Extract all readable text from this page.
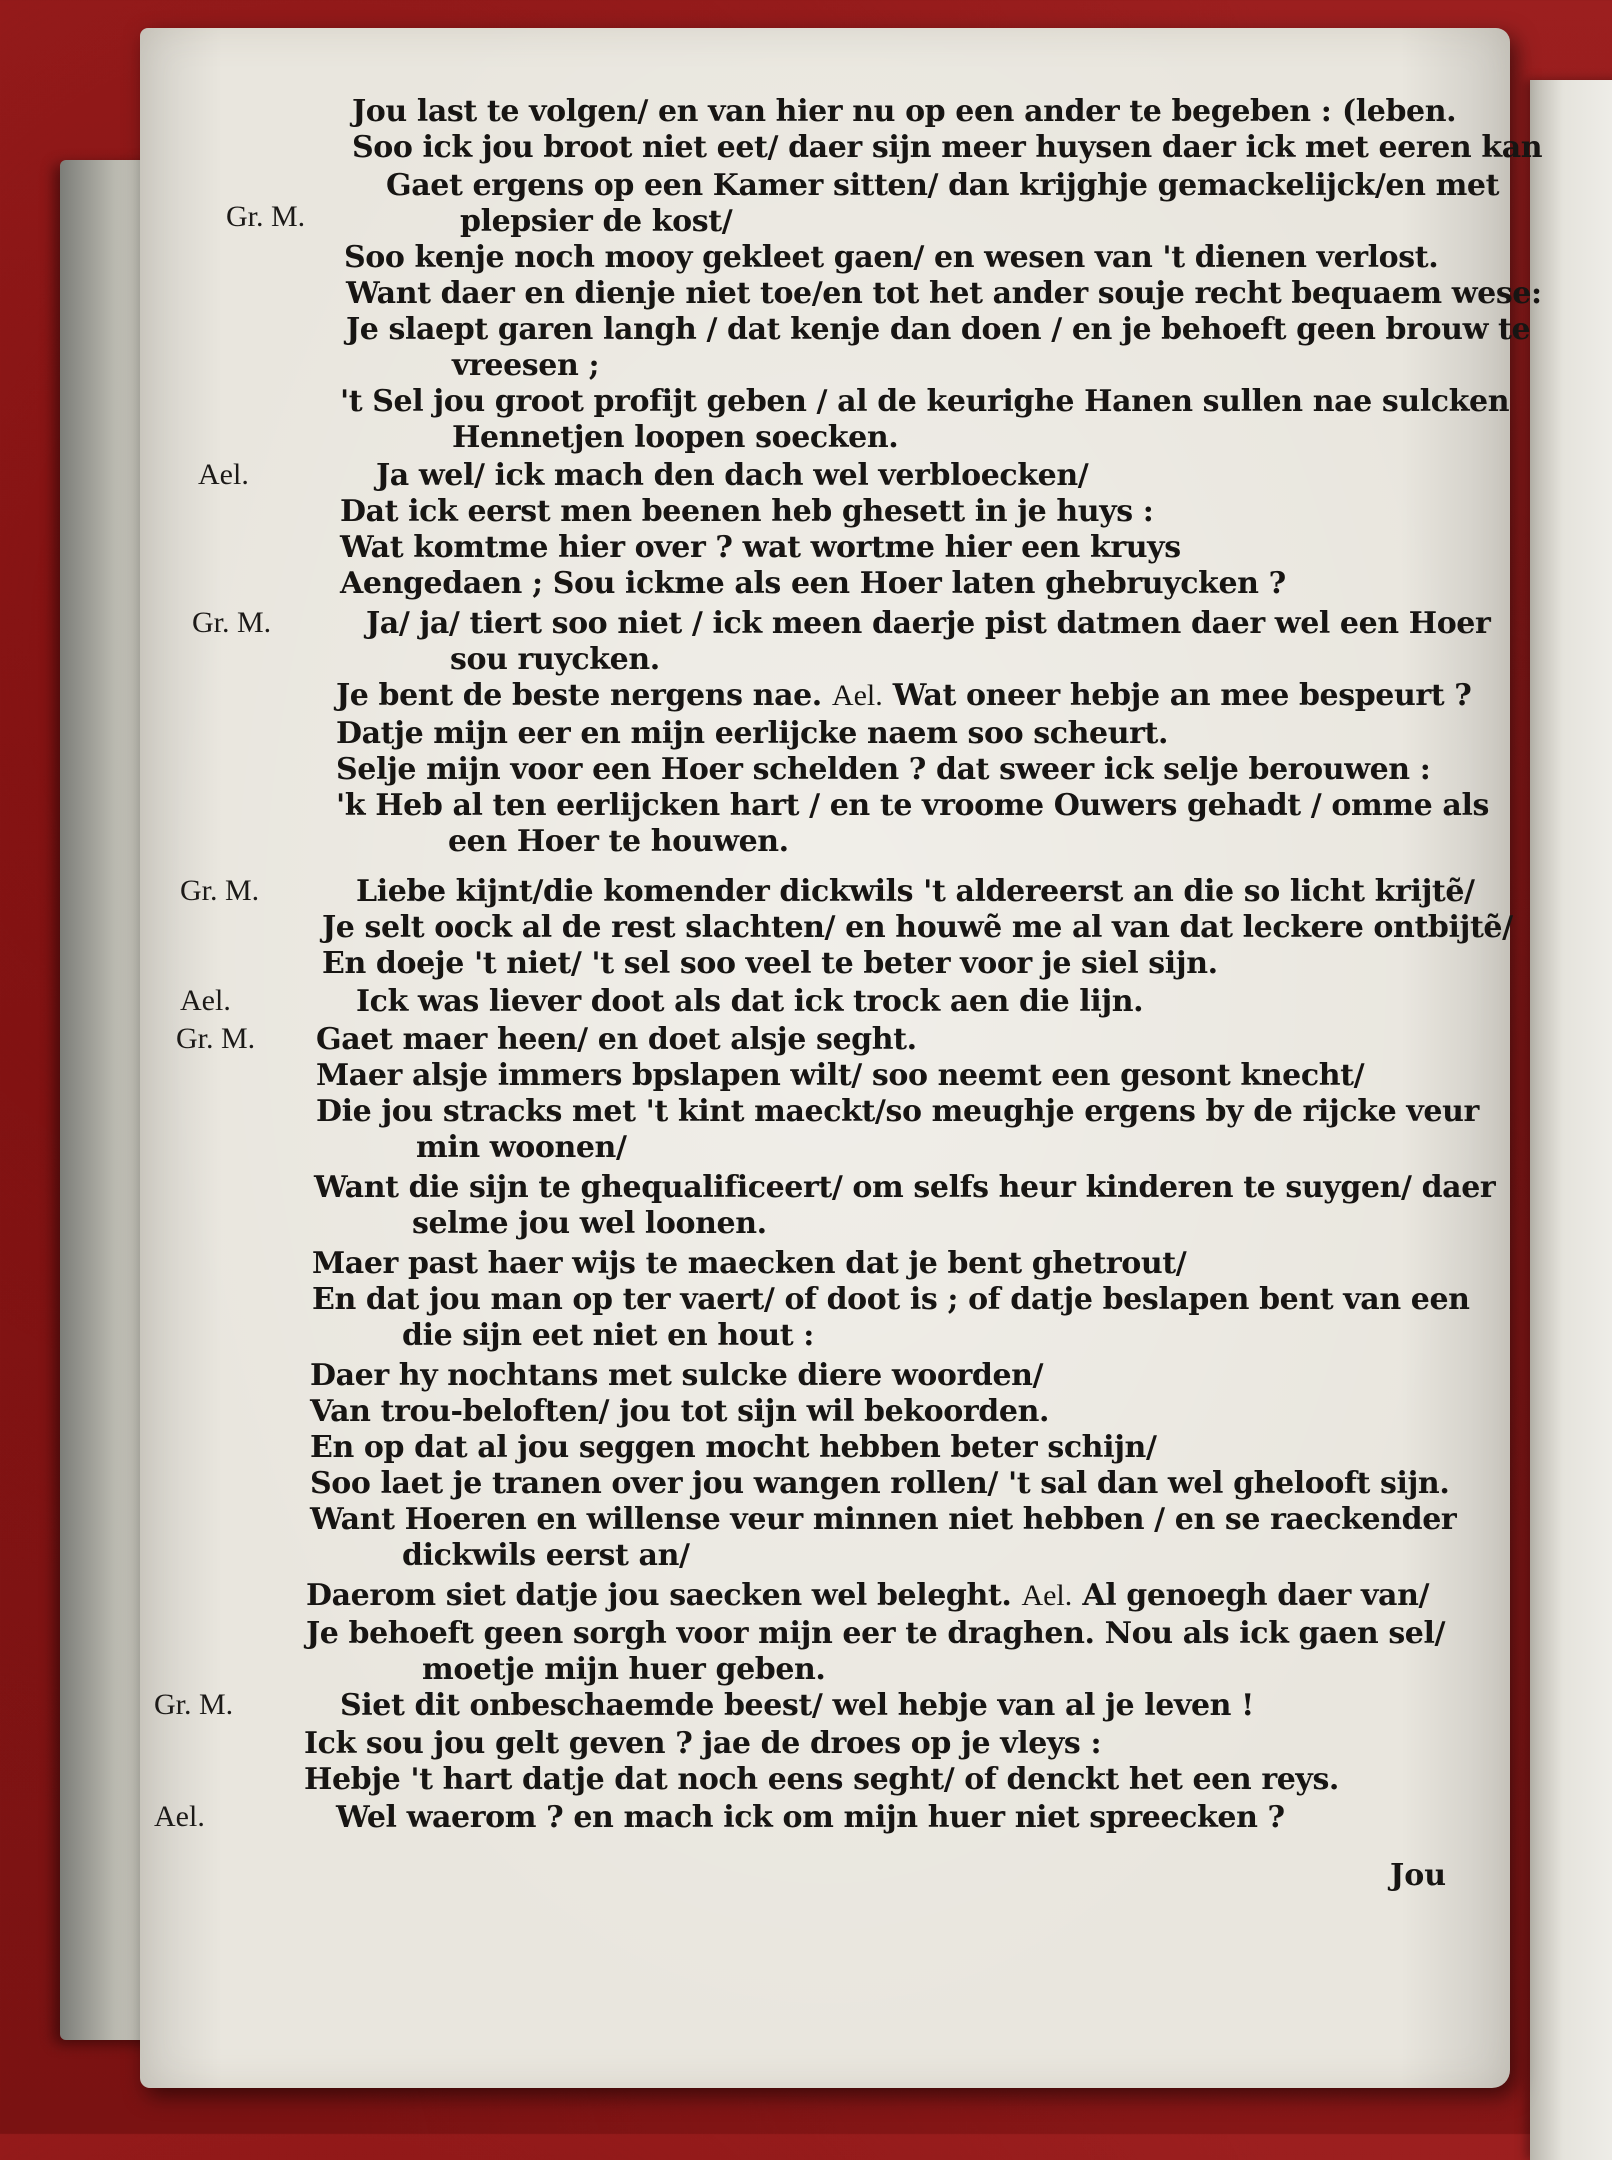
Jou last te volgen/ en van hier nu op een ander te begeben : (leben.
Soo ick jou broot niet eet/ daer sijn meer huysen daer ick met eeren kan
Gr. M.
Gaet ergens op een Kamer sitten/ dan krijghje gemackelijck/en met
plepsier de kost/
Soo kenje noch mooy gekleet gaen/ en wesen van 't dienen verlost.
Want daer en dienje niet toe/en tot het ander souje recht bequaem wese:
Je slaept garen langh / dat kenje dan doen / en je behoeft geen brouw te
vreesen ;
't Sel jou groot profijt geben / al de keurighe Hanen sullen nae sulcken
Hennetjen loopen soecken.
Ael.	Ja wel/ ick mach den dach wel verbloecken/
Dat ick eerst men beenen heb ghesett in je huys :
Wat komtme hier over ? wat wortme hier een kruys
Aengedaen ; Sou ickme als een Hoer laten ghebruycken ?
Gr. M.	Ja/ ja/ tiert soo niet / ick meen daerje pist datmen daer wel een Hoer
sou ruycken.
Je bent de beste nergens nae. Ael. Wat oneer hebje an mee bespeurt ?
Datje mijn eer en mijn eerlijcke naem soo scheurt.
Selje mijn voor een Hoer schelden ? dat sweer ick selje berouwen :
'k Heb al ten eerlijcken hart / en te vroome Ouwers gehadt / omme als
een Hoer te houwen.
Gr. M.	Liebe kijnt/die komender dickwils 't aldereerst an die so licht krijtẽ/
Je selt oock al de rest slachten/ en houwẽ me al van dat leckere ontbijtẽ/
En doeje 't niet/ 't sel soo veel te beter voor je siel sijn.
Ael.	Ick was liever doot als dat ick trock aen die lijn.
Gr. M. Gaet maer heen/ en doet alsje seght.
Maer alsje immers bpslapen wilt/ soo neemt een gesont knecht/
Die jou stracks met 't kint maeckt/so meughje ergens by de rijcke veur
min woonen/
Want die sijn te ghequalificeert/ om selfs heur kinderen te suygen/ daer
selme jou wel loonen.
Maer past haer wijs te maecken dat je bent ghetrout/
En dat jou man op ter vaert/ of doot is ; of datje beslapen bent van een
die sijn eet niet en hout :
Daer hy nochtans met sulcke diere woorden/
Van trou-beloften/ jou tot sijn wil bekoorden.
En op dat al jou seggen mocht hebben beter schijn/
Soo laet je tranen over jou wangen rollen/ 't sal dan wel ghelooft sijn.
Want Hoeren en willense veur minnen niet hebben / en se raeckender
dickwils eerst an/
Daerom siet datje jou saecken wel beleght. Ael. Al genoegh daer van/
Je behoeft geen sorgh voor mijn eer te draghen. Nou als ick gaen sel/
moetje mijn huer geben.
Gr. M.	Siet dit onbeschaemde beest/ wel hebje van al je leven !
Ick sou jou gelt geven ? jae de droes op je vleys :
Hebje 't hart datje dat noch eens seght/ of denckt het een reys.
Ael.	Wel waerom ? en mach ick om mijn huer niet spreecken ?
Jou
